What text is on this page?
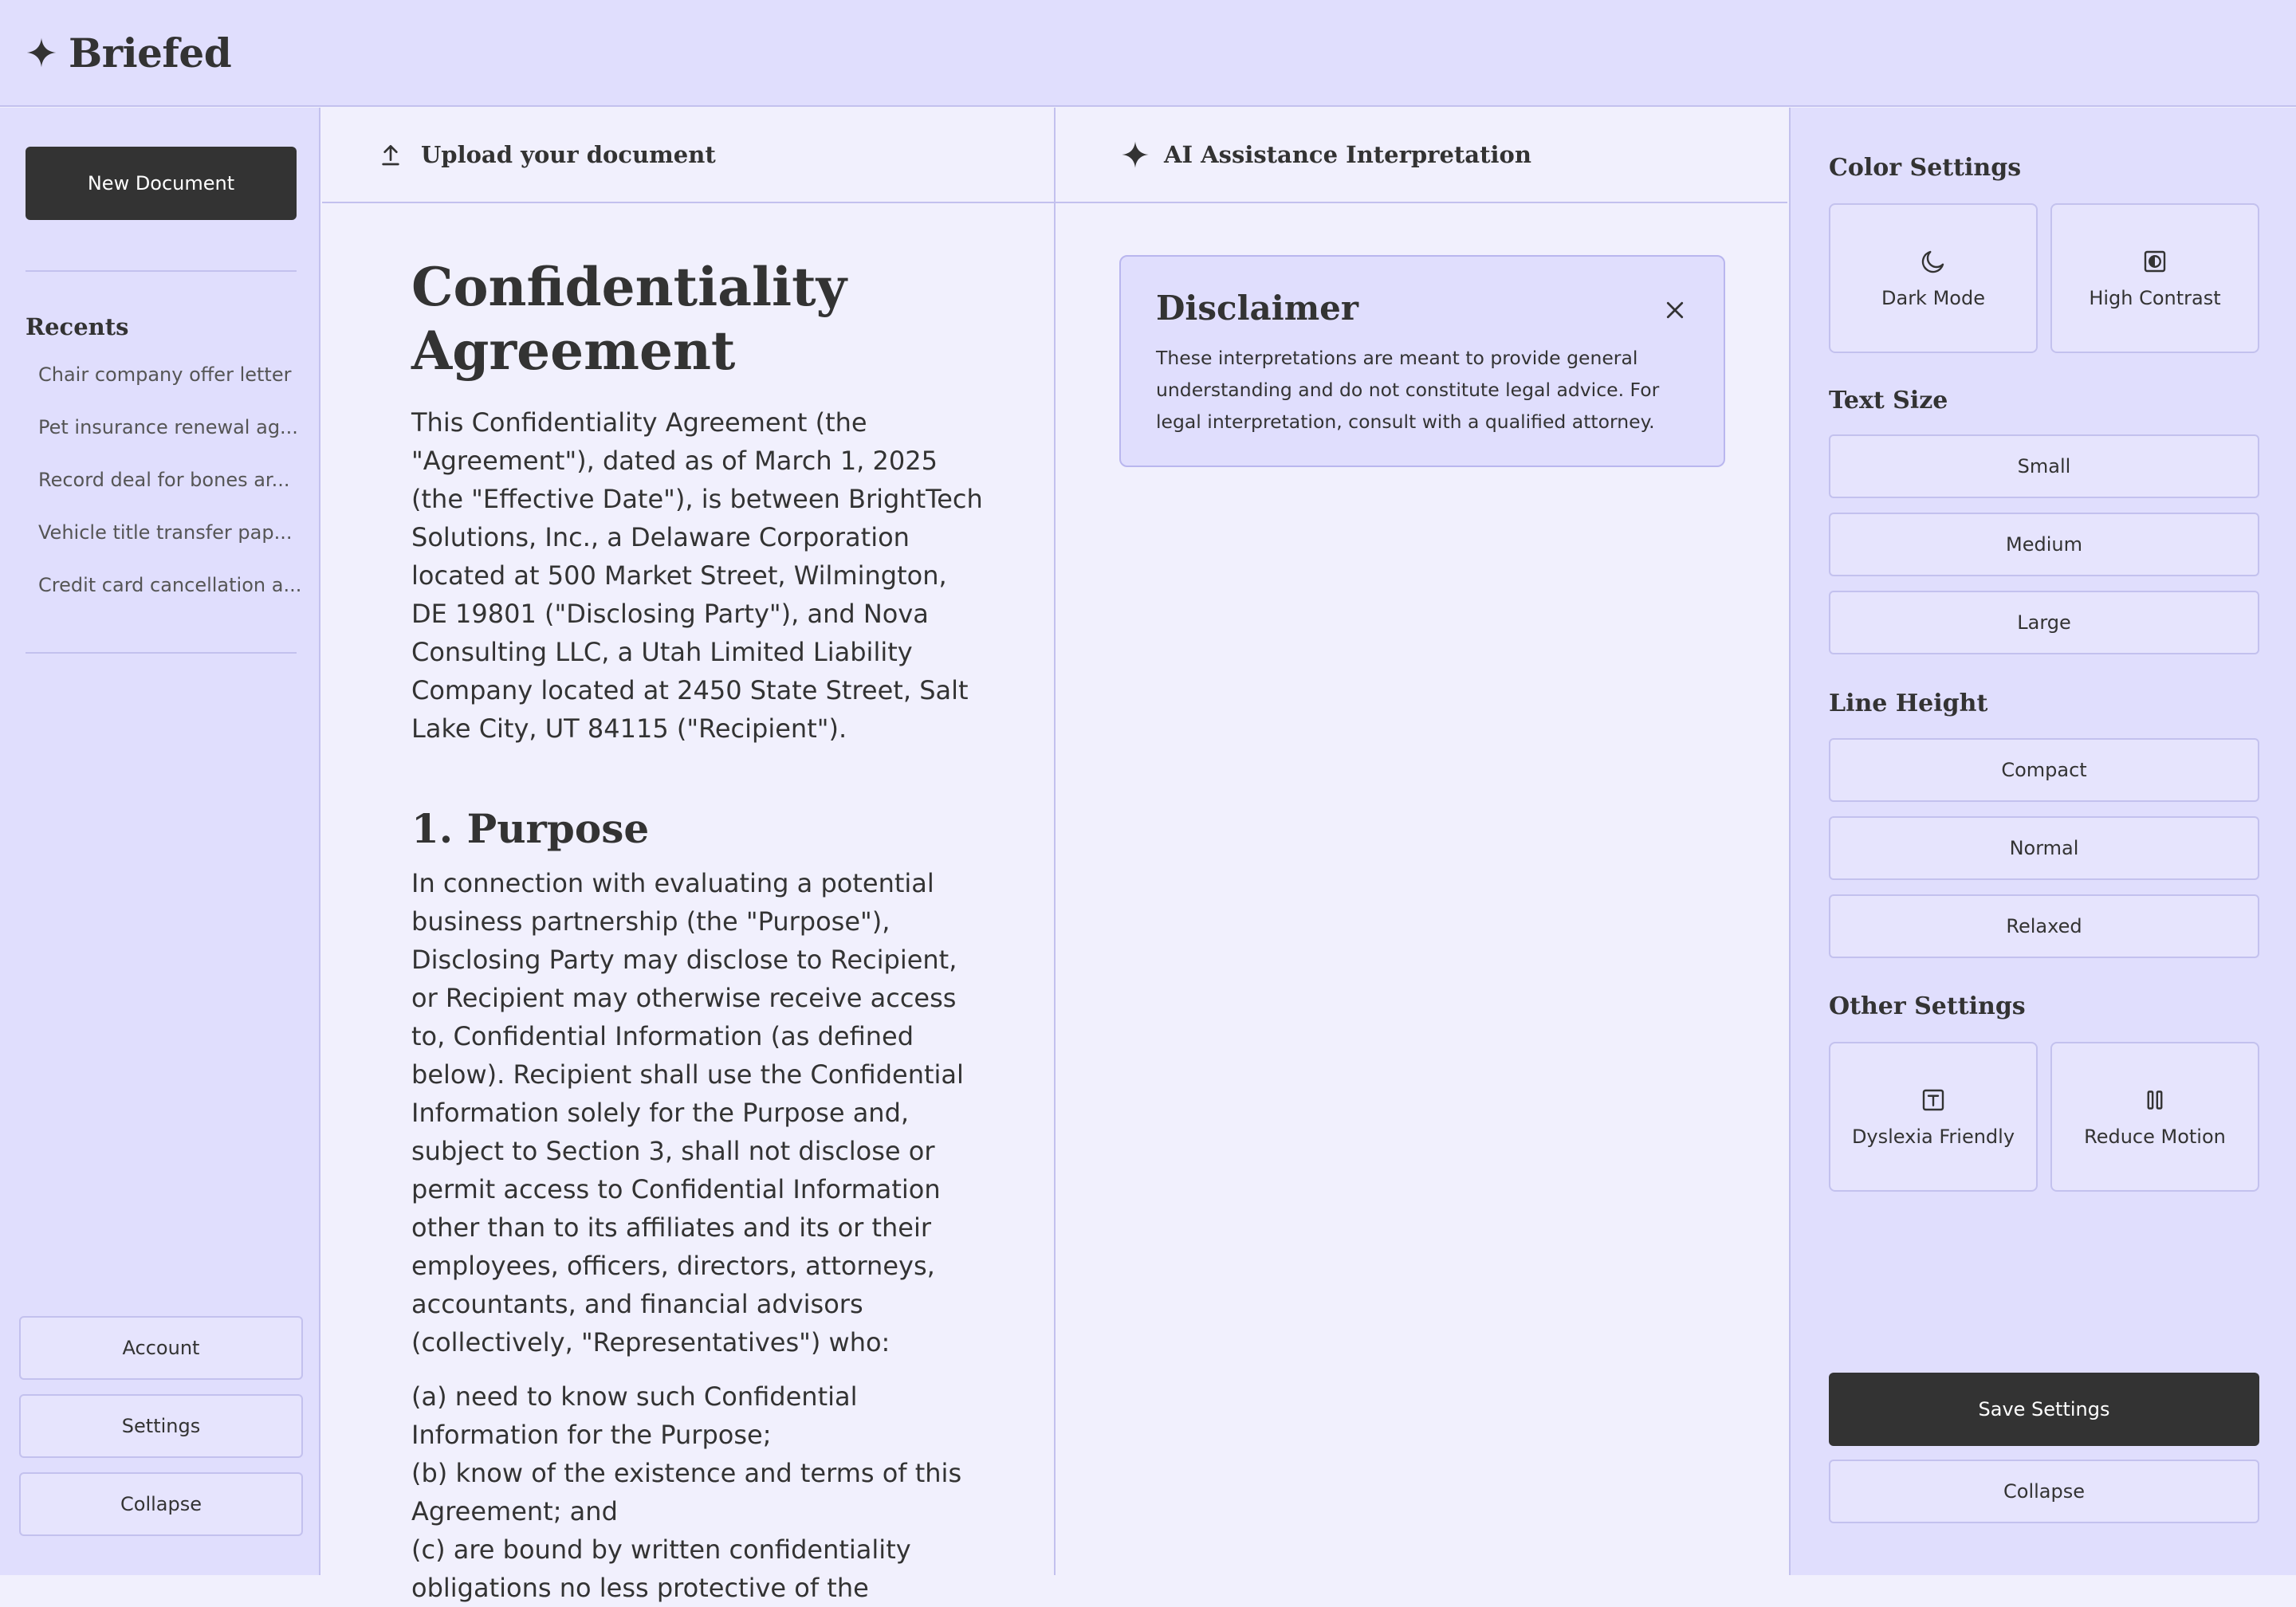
Briefed
New Document
Recents
Chair company offer letter
Pet insurance renewal ag...
Record deal for bones ar...
Vehicle title transfer pap...
Credit card cancellation a...
Account
Settings
Collapse
Upload your document	AI Assistance Interpretation
Confidentiality Agreement

This Confidentiality Agreement (the "Agreement"), dated as of March 1, 2025 (the "Effective Date"), is between BrightTech Solutions, Inc., a Delaware Corporation located at 500 Market Street, Wilmington, DE 19801 ("Disclosing Party"), and Nova Consulting LLC, a Utah Limited Liability Company located at 2450 State Street, Salt Lake City, UT 84115 ("Recipient").

1. Purpose

In connection with evaluating a potential business partnership (the "Purpose"), Disclosing Party may disclose to Recipient, or Recipient may otherwise receive access to, Confidential Information (as defined below). Recipient shall use the Confidential Information solely for the Purpose and, subject to Section 3, shall not disclose or permit access to Confidential Information other than to its affiliates and its or their employees, officers, directors, attorneys, accountants, and financial advisors (collectively, "Representatives") who:

(a) need to know such Confidential Information for the Purpose;

(b) know of the existence and terms of this Agreement; and

(c) are bound by written confidentiality obligations no less protective of the

Disclaimer

These interpretations are meant to provide general understanding and do not constitute legal advice. For legal interpretation, consult with a qualified attorney.

Color Settings
Dark Mode	High Contrast
Text Size
Small
Medium
Large
Line Height
Compact
Normal
Relaxed
Other Settings
Dyslexia Friendly	Reduce Motion
Save Settings
Collapse
